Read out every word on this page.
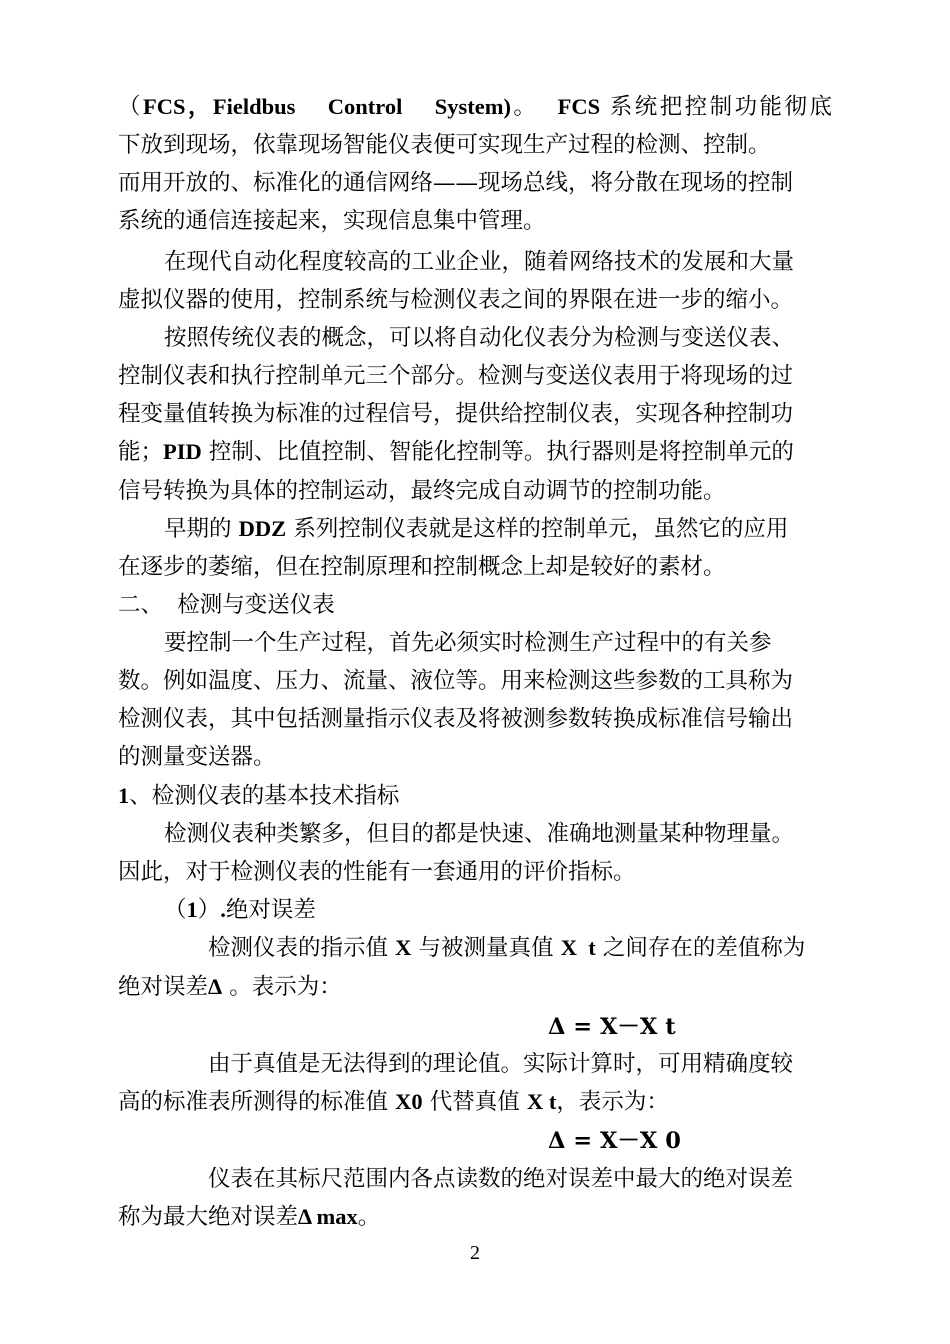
（FCS，Fieldbus    Control    System)。  FCS 系统把控制功能彻底
下放到现场，依靠现场智能仪表便可实现生产过程的检测、控制。
而用开放的、标准化的通信网络——现场总线，将分散在现场的控制
系统的通信连接起来，实现信息集中管理。
在现代自动化程度较高的工业企业，随着网络技术的发展和大量
虚拟仪器的使用，控制系统与检测仪表之间的界限在进一步的缩小。
按照传统仪表的概念，可以将自动化仪表分为检测与变送仪表、
控制仪表和执行控制单元三个部分。检测与变送仪表用于将现场的过
程变量值转换为标准的过程信号，提供给控制仪表，实现各种控制功
能；PID 控制、比值控制、智能化控制等。执行器则是将控制单元的
信号转换为具体的控制运动，最终完成自动调节的控制功能。
早期的 DDZ 系列控制仪表就是这样的控制单元，虽然它的应用
在逐步的萎缩，但在控制原理和控制概念上却是较好的素材。
二、  检测与变送仪表
要控制一个生产过程，首先必须实时检测生产过程中的有关参
数。例如温度、压力、流量、液位等。用来检测这些参数的工具称为
检测仪表，其中包括测量指示仪表及将被测参数转换成标准信号输出
的测量变送器。
1、检测仪表的基本技术指标
检测仪表种类繁多，但目的都是快速、准确地测量某种物理量。
因此，对于检测仪表的性能有一套通用的评价指标。
（1）.绝对误差
检测仪表的指示值 X 与被测量真值 X  t 之间存在的差值称为
绝对误差Δ 。表示为：
Δ = X－X t
由于真值是无法得到的理论值。实际计算时，可用精确度较
高的标准表所测得的标准值 X0 代替真值 X t，表示为：
Δ = X－X 0
仪表在其标尺范围内各点读数的绝对误差中最大的绝对误差
称为最大绝对误差Δ max。
2
